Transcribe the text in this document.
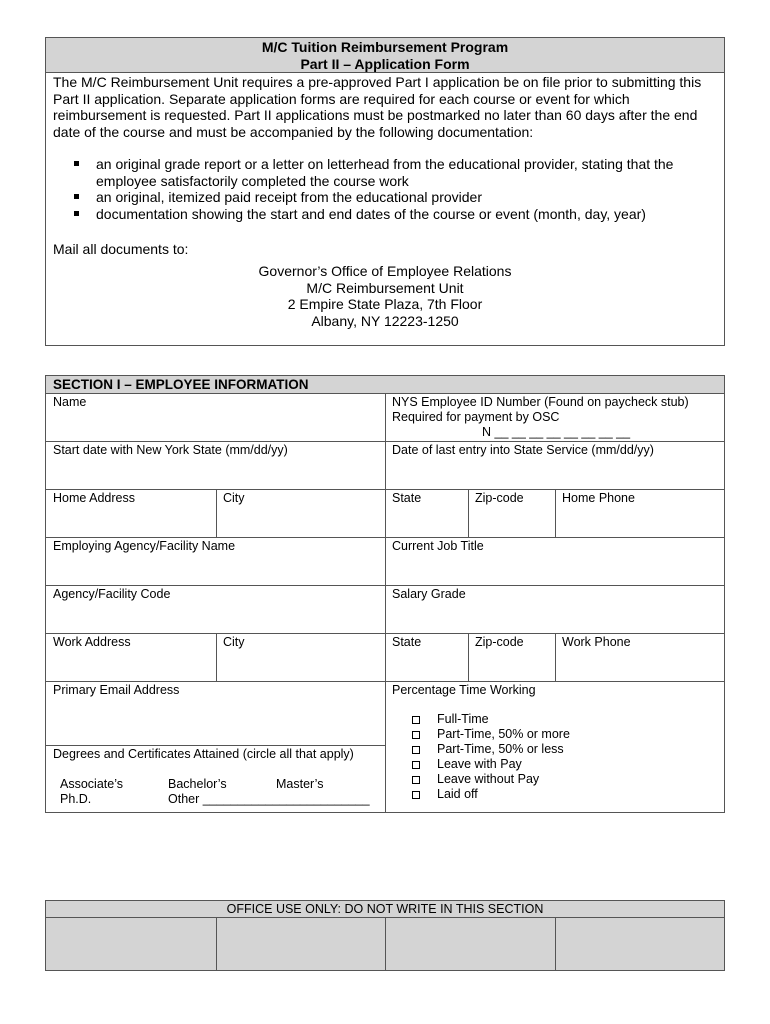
M/C Tuition Reimbursement Program
Part II – Application Form
The M/C Reimbursement Unit requires a pre-approved Part I application be on file prior to submitting this Part II application. Separate application forms are required for each course or event for which reimbursement is requested. Part II applications must be postmarked no later than 60 days after the end date of the course and must be accompanied by the following documentation:
an original grade report or a letter on letterhead from the educational provider, stating that the employee satisfactorily completed the course work
an original, itemized paid receipt from the educational provider
documentation showing the start and end dates of the course or event (month, day, year)
Mail all documents to:
Governor’s Office of Employee Relations
M/C Reimbursement Unit
2 Empire State Plaza, 7th Floor
Albany, NY 12223-1250
SECTION I – EMPLOYEE INFORMATION
Name	NYS Employee ID Number (Found on paycheck stub)
Required for payment by OSC
N __ __ __ __ __ __ __ __
Start date with New York State (mm/dd/yy)	Date of last entry into State Service (mm/dd/yy)
Home Address	City	State	Zip-code	Home Phone
Employing Agency/Facility Name	Current Job Title
Agency/Facility Code	Salary Grade
Work Address	City	State	Zip-code	Work Phone
Primary Email Address	Percentage Time Working
Full-Time
Part-Time, 50% or more
Part-Time, 50% or less
Leave with Pay
Leave without Pay
Laid off
Degrees and Certificates Attained (circle all that apply)
Associate’s	Bachelor’s	Master’s
Ph.D.	Other ________________________
OFFICE USE ONLY: DO NOT WRITE IN THIS SECTION
